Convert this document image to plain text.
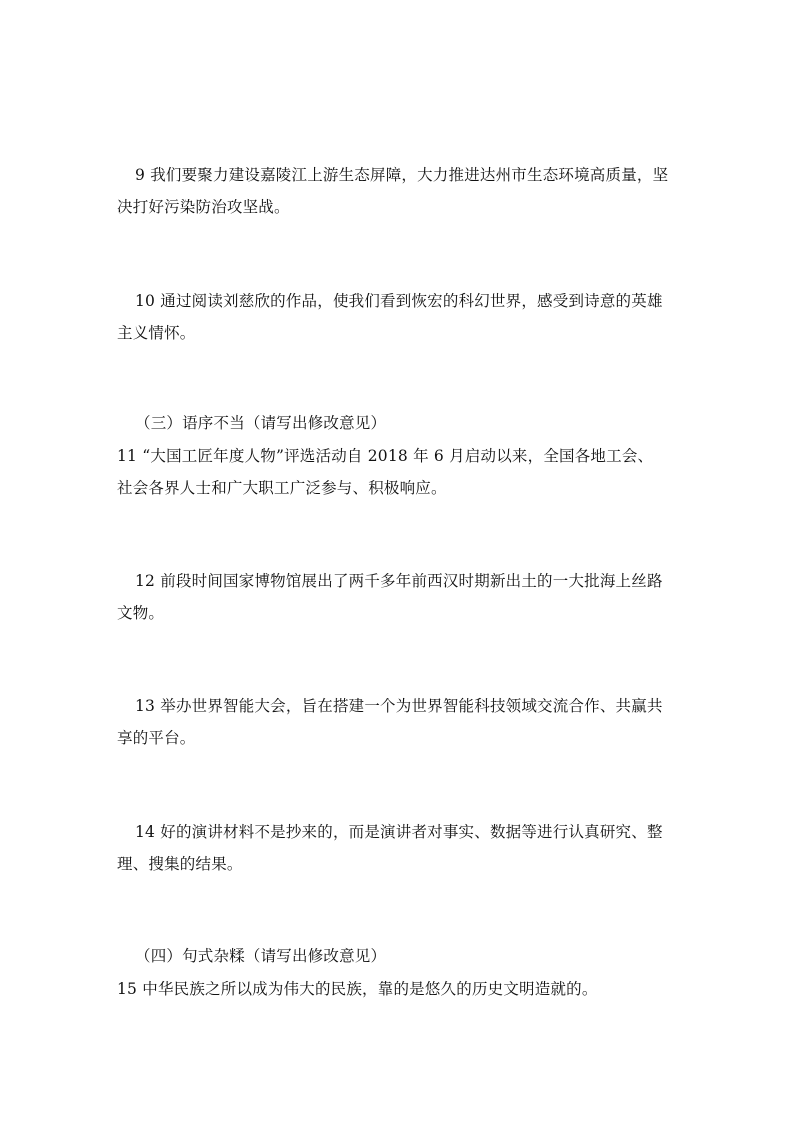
9 我们要聚力建设嘉陵江上游生态屏障，大力推进达州市生态环境高质量，坚
决打好污染防治攻坚战。
10 通过阅读刘慈欣的作品，使我们看到恢宏的科幻世界，感受到诗意的英雄
主义情怀。
（三）语序不当（请写出修改意见）
11 “大国工匠年度人物”评选活动自 2018 年 6 月启动以来，全国各地工会、
社会各界人士和广大职工广泛参与、积极响应。
12 前段时间国家博物馆展出了两千多年前西汉时期新出土的一大批海上丝路
文物。
13 举办世界智能大会，旨在搭建一个为世界智能科技领域交流合作、共赢共
享的平台。
14 好的演讲材料不是抄来的，而是演讲者对事实、数据等进行认真研究、整
理、搜集的结果。
（四）句式杂糅（请写出修改意见）
15 中华民族之所以成为伟大的民族，靠的是悠久的历史文明造就的。
